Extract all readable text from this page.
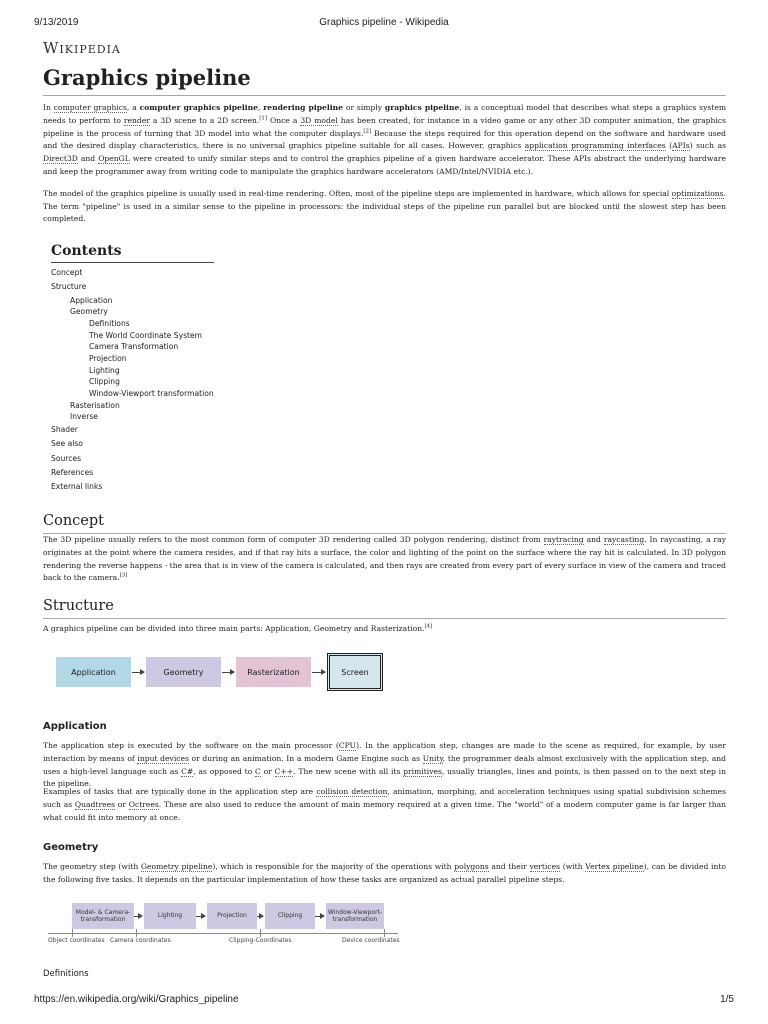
9/13/2019	Graphics pipeline - Wikipedia
Wikipedia
Graphics pipeline

In computer graphics, a computer graphics pipeline, rendering pipeline or simply graphics pipeline, is a conceptual model that describes what steps a graphics system needs to perform to render a 3D scene to a 2D screen.[1] Once a 3D model has been created, for instance in a video game or any other 3D computer animation, the graphics pipeline is the process of turning that 3D model into what the computer displays.[2] Because the steps required for this operation depend on the software and hardware used and the desired display characteristics, there is no universal graphics pipeline suitable for all cases. However, graphics application programming interfaces (APIs) such as Direct3D and OpenGL were created to unify similar steps and to control the graphics pipeline of a given hardware accelerator. These APIs abstract the underlying hardware and keep the programmer away from writing code to manipulate the graphics hardware accelerators (AMD/Intel/NVIDIA etc.).

The model of the graphics pipeline is usually used in real-time rendering. Often, most of the pipeline steps are implemented in hardware, which allows for special optimizations. The term "pipeline" is used in a similar sense to the pipeline in processors: the individual steps of the pipeline run parallel but are blocked until the slowest step has been completed.

Contents
Concept
Structure
Application
Geometry
Definitions
The World Coordinate System
Camera Transformation
Projection
Lighting
Clipping
Window-Viewport transformation
Rasterisation
Inverse
Shader
See also
Sources
References
External links
Concept

The 3D pipeline usually refers to the most common form of computer 3D rendering called 3D polygon rendering, distinct from raytracing and raycasting. In raycasting, a ray originates at the point where the camera resides, and if that ray hits a surface, the color and lighting of the point on the surface where the ray hit is calculated. In 3D polygon rendering the reverse happens - the area that is in view of the camera is calculated, and then rays are created from every part of every surface in view of the camera and traced back to the camera.[3]

Structure

A graphics pipeline can be divided into three main parts: Application, Geometry and Rasterization.[4]

Application	Geometry	Rasterization	Screen
Application

The application step is executed by the software on the main processor (CPU). In the application step, changes are made to the scene as required, for example, by user interaction by means of input devices or during an animation. In a modern Game Engine such as Unity, the programmer deals almost exclusively with the application step, and uses a high-level language such as C#, as opposed to C or C++. The new scene with all its primitives, usually triangles, lines and points, is then passed on to the next step in the pipeline.

Examples of tasks that are typically done in the application step are collision detection, animation, morphing, and acceleration techniques using spatial subdivision schemes such as Quadtrees or Octrees. These are also used to reduce the amount of main memory required at a given time. The "world" of a modern computer game is far larger than what could fit into memory at once.

Geometry

The geometry step (with Geometry pipeline), which is responsible for the majority of the operations with polygons and their vertices (with Vertex pipeline), can be divided into the following five tasks. It depends on the particular implementation of how these tasks are organized as actual parallel pipeline steps.

Model- & Camera-transformation
Lighting	Projection	Clipping
Window-Viewport-transformation
Object coordinates Camera coordinates	Clipping-Coordinates	Device coordinates
Definitions
https://en.wikipedia.org/wiki/Graphics_pipeline	1/5
